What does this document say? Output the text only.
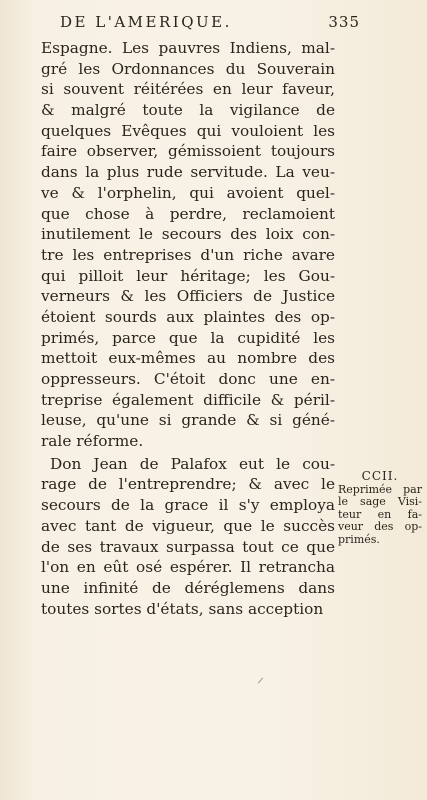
DE L'AMERIQUE.	335
Espagne. Les pauvres Indiens, mal-
gré les Ordonnances du Souverain
si souvent réitérées en leur faveur,
& malgré toute la vigilance de
quelques Evêques qui vouloient les
faire observer, gémissoient toujours
dans la plus rude servitude. La veu-
ve & l'orphelin, qui avoient quel-
que chose à perdre, reclamoient
inutilement le secours des loix con-
tre les entreprises d'un riche avare
qui pilloit leur héritage; les Gou-
verneurs & les Officiers de Justice
étoient sourds aux plaintes des op-
primés, parce que la cupidité les
mettoit eux-mêmes au nombre des
oppresseurs. C'étoit donc une en-
treprise également difficile & péril-
leuse, qu'une si grande & si géné-
rale réforme.
Don Jean de Palafox eut le cou-
rage de l'entreprendre; & avec le
secours de la grace il s'y employa
avec tant de vigueur, que le succès
de ses travaux surpassa tout ce que
l'on en eût osé espérer. Il retrancha
une infinité de déréglemens dans
toutes sortes d'états, sans acception
CCII.
Reprimée par
le sage Visi-
teur en fa-
veur des op-
primés.
